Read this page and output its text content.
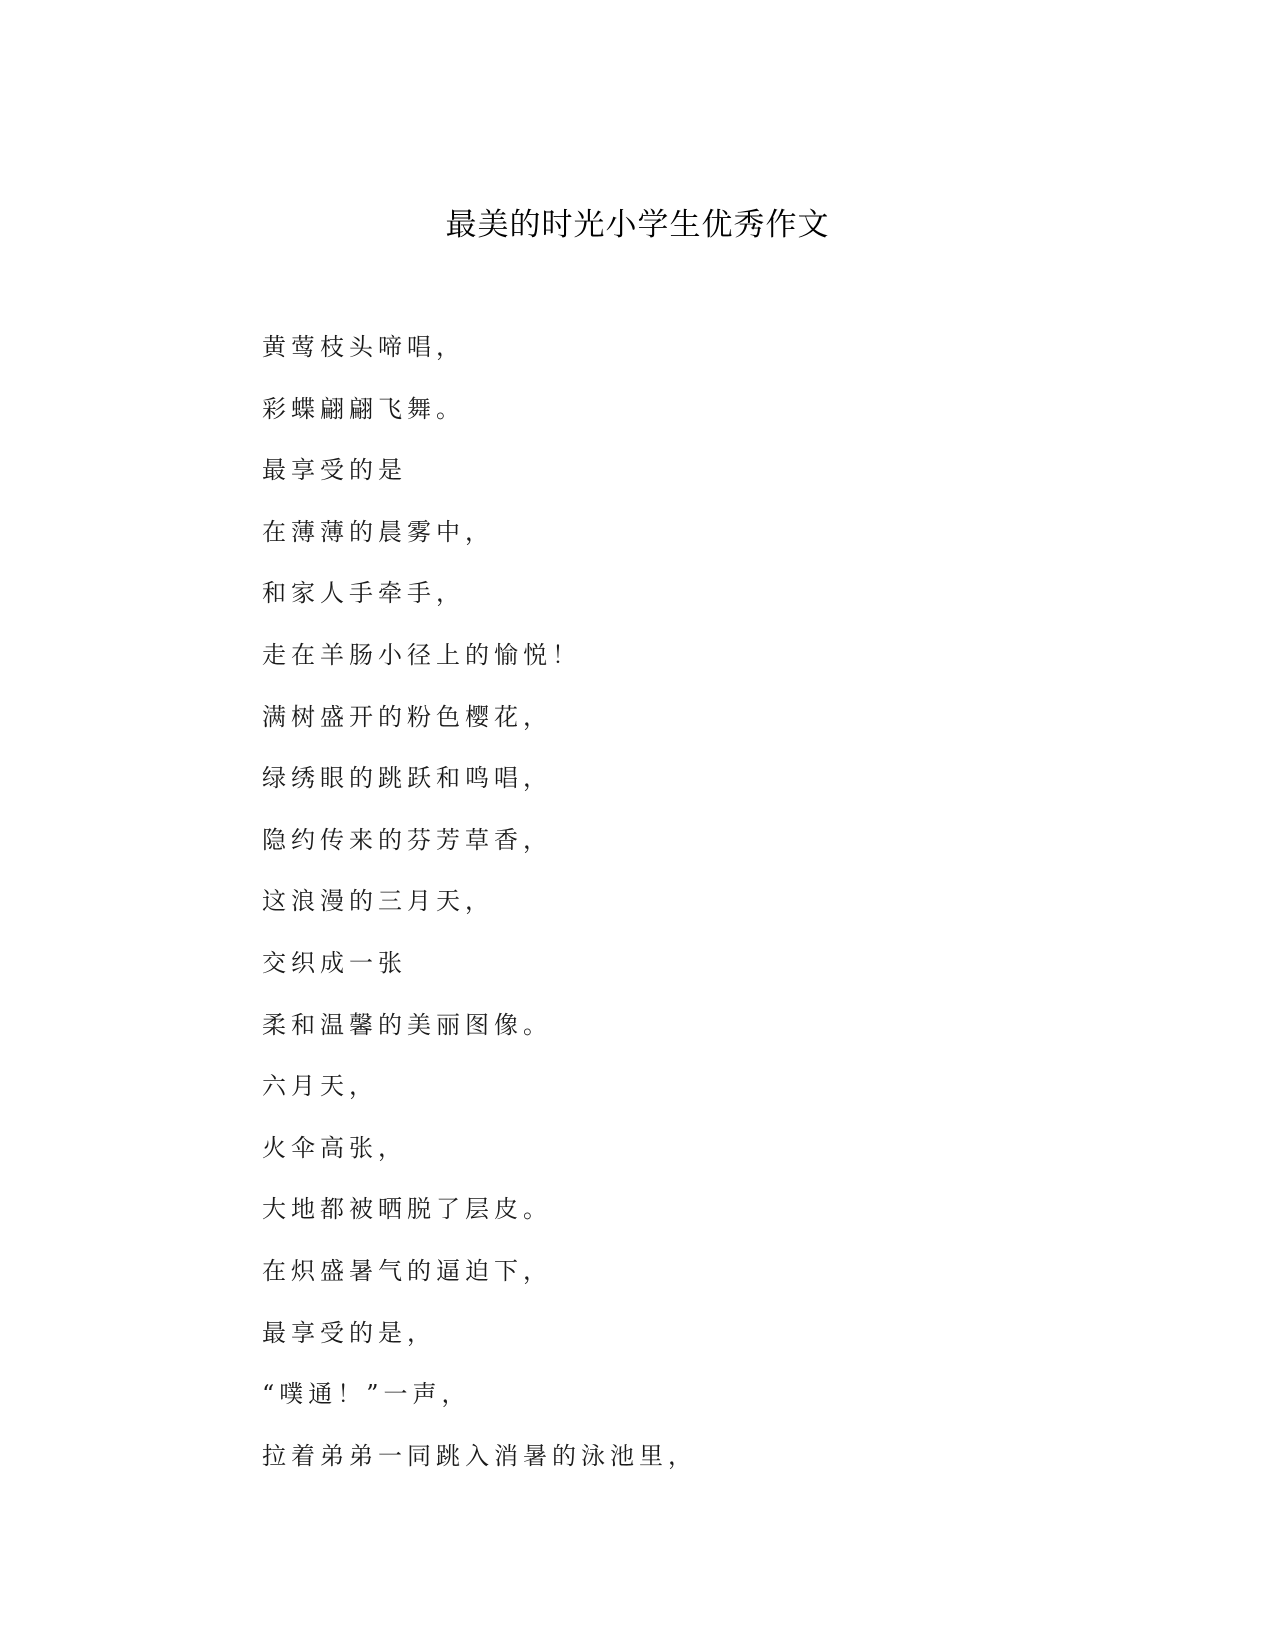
最美的时光小学生优秀作文
黄莺枝头啼唱，
彩蝶翩翩飞舞。
最享受的是
在薄薄的晨雾中，
和家人手牵手，
走在羊肠小径上的愉悦！
满树盛开的粉色樱花，
绿绣眼的跳跃和鸣唱，
隐约传来的芬芳草香，
这浪漫的三月天，
交织成一张
柔和温馨的美丽图像。
六月天，
火伞高张，
大地都被晒脱了层皮。
在炽盛暑气的逼迫下，
最享受的是，
“噗通！”一声，
拉着弟弟一同跳入消暑的泳池里，
